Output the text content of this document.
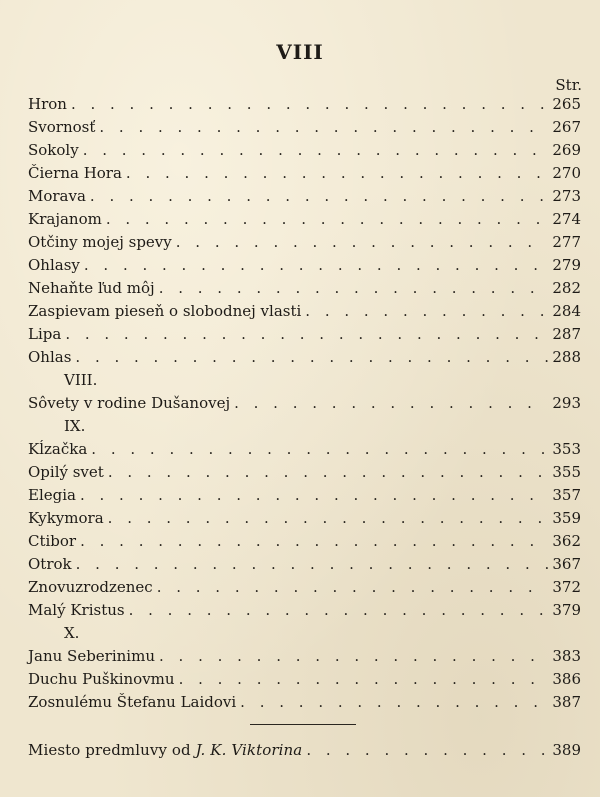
VIII
Str.
Hron . . .	265
Svornosť . . .	267
Sokoly . . .	269
Čierna Hora . . .	270
Morava . . .	273
Krajanom . . .	274
Otčiny mojej spevy . . .	277
Ohlasy . . .	279
Nehaňte ľud môj . . .	282
Zaspievam pieseň o slobodnej vlasti . . .	284
Lipa . . .	287
Ohlas . . .	288
VIII.
Sôvety v rodine Dušanovej . . .	293
IX.
Kĺzačka . . .	353
Opilý svet . . .	355
Elegia . . .	357
Kykymora . . .	359
Ctibor . . .	362
Otrok . . .	367
Znovuzrodzenec . . .	372
Malý Kristus . . .	379
X.
Janu Seberinimu . . .	383
Duchu Puškinovmu . . .	386
Zosnulému Štefanu Laidovi . . .	387
Miesto predmluvy od J. K. Viktorina . . .	389
